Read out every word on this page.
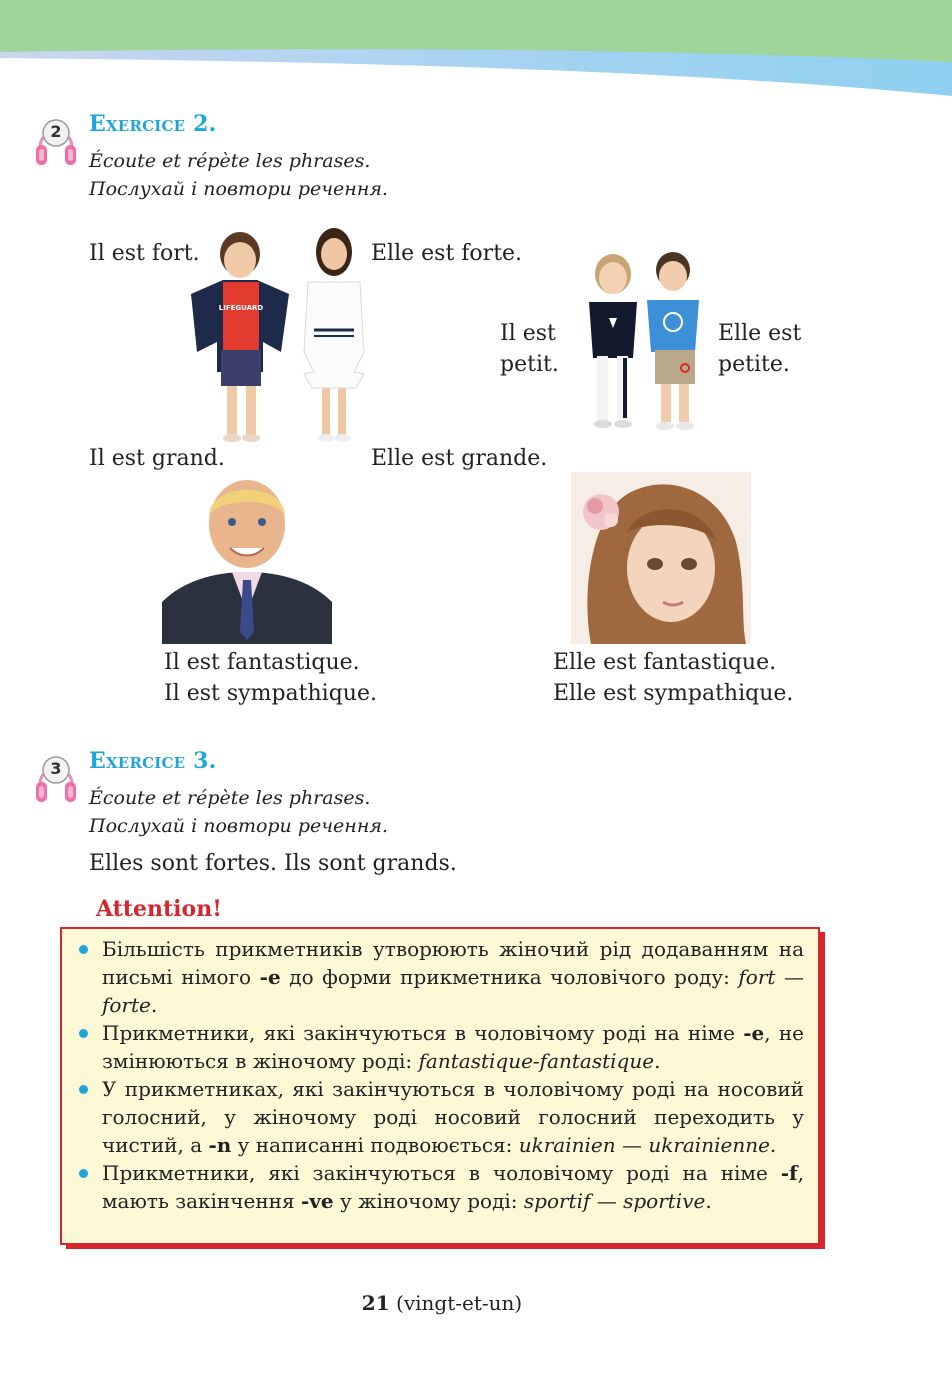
2	Exercice 2.
Écoute et répète les phrases.
Послухай і повтори речення.
Il est fort.	Elle est forte.
LIFEGUARD
Il est
petit.
Elle est
petite.
Il est grand.	Elle est grande.
Il est fantastique.
Il est sympathique.
Elle est fantastique.
Elle est sympathique.
3	Exercice 3.
Écoute et répète les phrases.
Послухай і повтори речення.
Elles sont fortes. Ils sont grands.
Attention!
Більшість прикметників утворюють жіночий рід додаванням на письмі німого -e до форми прикметника чоловічого роду: fort — forte.
Прикметники, які закінчуються в чоловічому роді на німе -e, не змінюються в жіночому роді: fantastique-fantastique.
У прикметниках, які закінчуються в чоловічому роді на носовий голосний, у жіночому роді носовий голосний переходить у чистий, а -n у написанні подвоюється: ukrainien — ukrainienne.
Прикметники, які закінчуються в чоловічому роді на німе -f, мають закінчення -ve у жіночому роді: sportif — sportive.
21 (vingt-et-un)
